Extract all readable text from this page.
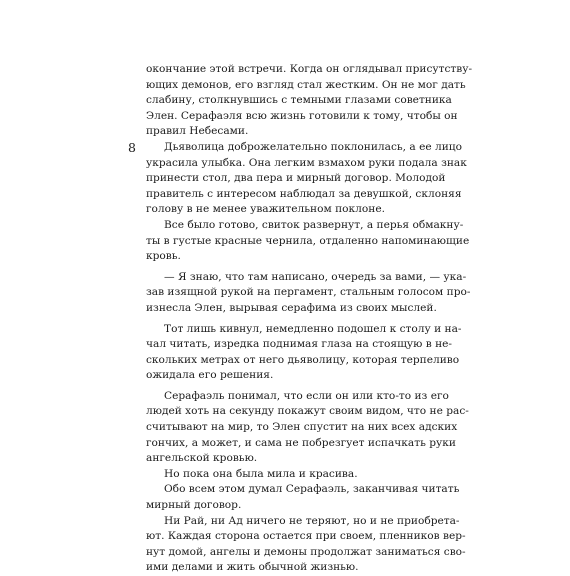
8
окончание этой встречи. Когда он оглядывал присутству-
ющих демонов, его взгляд стал жестким. Он не мог дать
слабину, столкнувшись с темными глазами советника
Элен. Серафаэля всю жизнь готовили к тому, чтобы он
правил Небесами.
Дьяволица доброжелательно поклонилась, а ее лицо
украсила улыбка. Она легким взмахом руки подала знак
принести стол, два пера и мирный договор. Молодой
правитель с интересом наблюдал за девушкой, склоняя
голову в не менее уважительном поклоне.
Все было готово, свиток развернут, а перья обмакну-
ты в густые красные чернила, отдаленно напоминающие
кровь.
— Я знаю, что там написано, очередь за вами, — ука-
зав изящной рукой на пергамент, стальным голосом про-
изнесла Элен, вырывая серафима из своих мыслей.
Тот лишь кивнул, немедленно подошел к столу и на-
чал читать, изредка поднимая глаза на стоящую в не-
скольких метрах от него дьяволицу, которая терпеливо
ожидала его решения.
Серафаэль понимал, что если он или кто-то из его
людей хоть на секунду покажут своим видом, что не рас-
считывают на мир, то Элен спустит на них всех адских
гончих, а может, и сама не побрезгует испачкать руки
ангельской кровью.
Но пока она была мила и красива.
Обо всем этом думал Серафаэль, заканчивая читать
мирный договор.
Ни Рай, ни Ад ничего не теряют, но и не приобрета-
ют. Каждая сторона остается при своем, пленников вер-
нут домой, ангелы и демоны продолжат заниматься сво-
ими делами и жить обычной жизнью.
